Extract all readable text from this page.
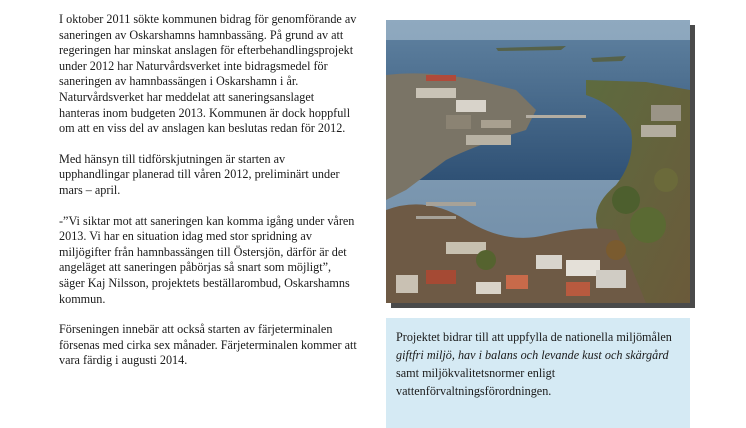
I oktober 2011 sökte kommunen bidrag för genomförande av saneringen av Oskarshamns hamnbassäng. På grund av att regeringen har minskat anslagen för efterbehandlingsprojekt under 2012 har Naturvårdsverket inte bidragsmedel för saneringen av hamnbassängen i Oskarshamn i år. Naturvårdsverket har meddelat att saneringsanslaget hanteras inom budgeten 2013. Kommunen är dock hoppfull om att en viss del av anslagen kan beslutas redan för 2012.

Med hänsyn till tidförskjutningen är starten av upphandlingar planerad till våren 2012, preliminärt under mars – april.

-”Vi siktar mot att saneringen kan komma igång under våren 2013. Vi har en situation idag med stor spridning av miljögifter från hamnbassängen till Östersjön, därför är det angeläget att saneringen påbörjas så snart som möjligt”, säger Kaj Nilsson, projektets beställarombud, Oskarshamns kommun.

Förseningen innebär att också starten av färjeterminalen försenas med cirka sex månader. Färjeterminalen kommer att vara färdig i augusti 2014.

Projektet bidrar till att uppfylla de nationella miljömålen giftfri miljö, hav i balans och levande kust och skärgård samt miljökvalitetsnormer enligt vattenförvaltningsförordningen.
